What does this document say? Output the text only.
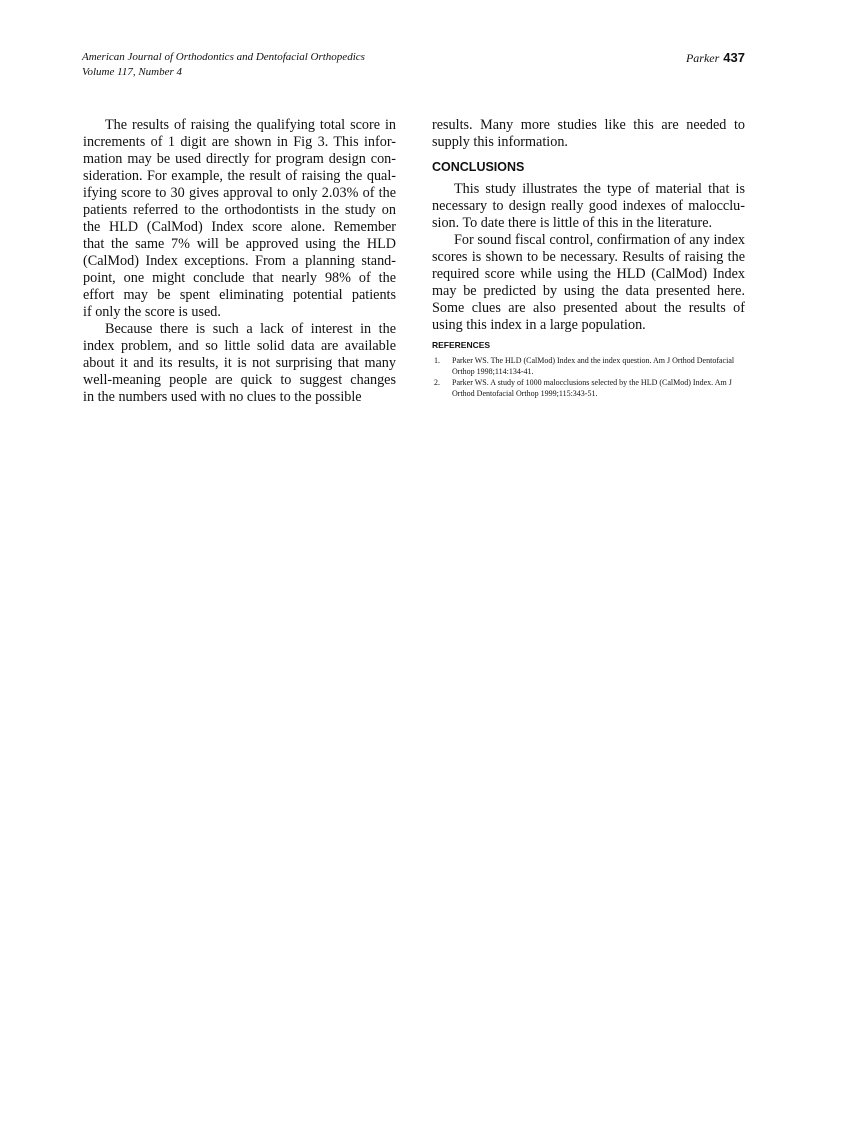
American Journal of Orthodontics and Dentofacial Orthopedics
Volume 117, Number 4
Parker 437
The results of raising the qualifying total score in
increments of 1 digit are shown in Fig 3. This infor-
mation may be used directly for program design con-
sideration. For example, the result of raising the qual-
ifying score to 30 gives approval to only 2.03% of the
patients referred to the orthodontists in the study on
the HLD (CalMod) Index score alone. Remember
that the same 7% will be approved using the HLD
(CalMod) Index exceptions. From a planning stand-
point, one might conclude that nearly 98% of the
effort may be spent eliminating potential patients
if only the score is used.
Because there is such a lack of interest in the
index problem, and so little solid data are available
about it and its results, it is not surprising that many
well-meaning people are quick to suggest changes
in the numbers used with no clues to the possible
results. Many more studies like this are needed to
supply this information.
CONCLUSIONS
This study illustrates the type of material that is
necessary to design really good indexes of malocclu-
sion. To date there is little of this in the literature.
For sound fiscal control, confirmation of any index
scores is shown to be necessary. Results of raising the
required score while using the HLD (CalMod) Index
may be predicted by using the data presented here.
Some clues are also presented about the results of
using this index in a large population.
REFERENCES
1. Parker WS. The HLD (CalMod) Index and the index question. Am J Orthod Dentofacial Orthop 1998;114:134-41.
2. Parker WS. A study of 1000 malocclusions selected by the HLD (CalMod) Index. Am J Orthod Dentofacial Orthop 1999;115:343-51.
